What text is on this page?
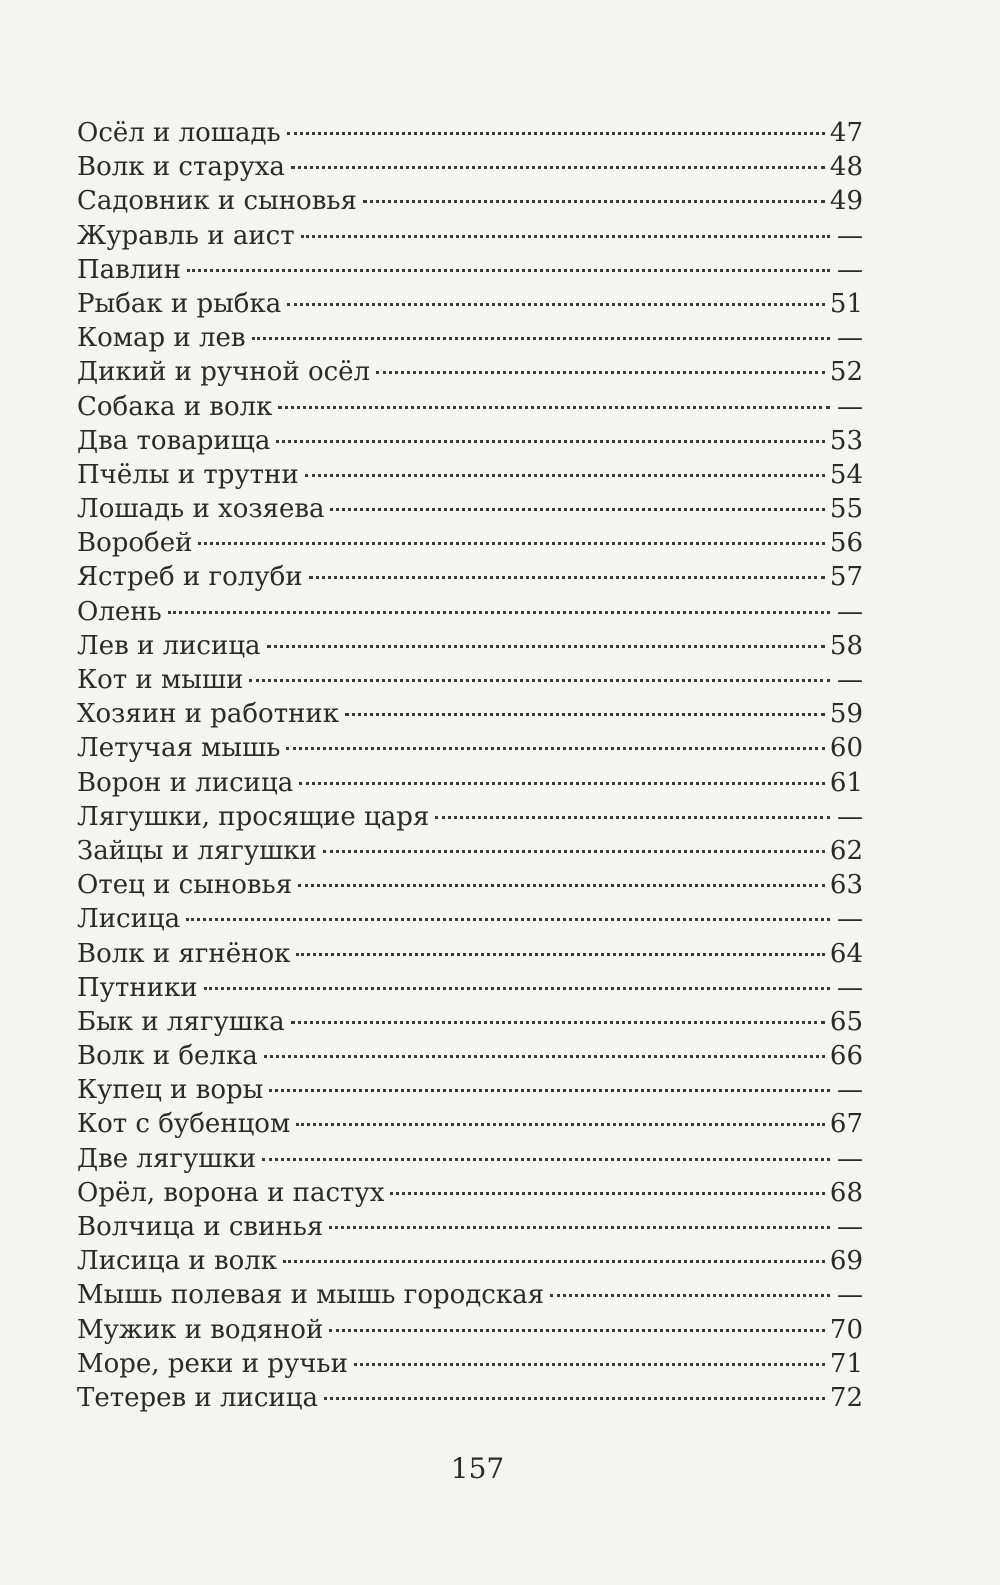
Осёл и лошадь	47
Волк и старуха	48
Садовник и сыновья	49
Журавль и аист	—
Павлин	—
Рыбак и рыбка	51
Комар и лев	—
Дикий и ручной осёл	52
Собака и волк	—
Два товарища	53
Пчёлы и трутни	54
Лошадь и хозяева	55
Воробей	56
Ястреб и голуби	57
Олень	—
Лев и лисица	58
Кот и мыши	—
Хозяин и работник	59
Летучая мышь	60
Ворон и лисица	61
Лягушки, просящие царя	—
Зайцы и лягушки	62
Отец и сыновья	63
Лисица	—
Волк и ягнёнок	64
Путники	—
Бык и лягушка	65
Волк и белка	66
Купец и воры	—
Кот с бубенцом	67
Две лягушки	—
Орёл, ворона и пастух	68
Волчица и свинья	—
Лисица и волк	69
Мышь полевая и мышь городская	—
Мужик и водяной	70
Море, реки и ручьи	71
Тетерев и лисица	72
157
